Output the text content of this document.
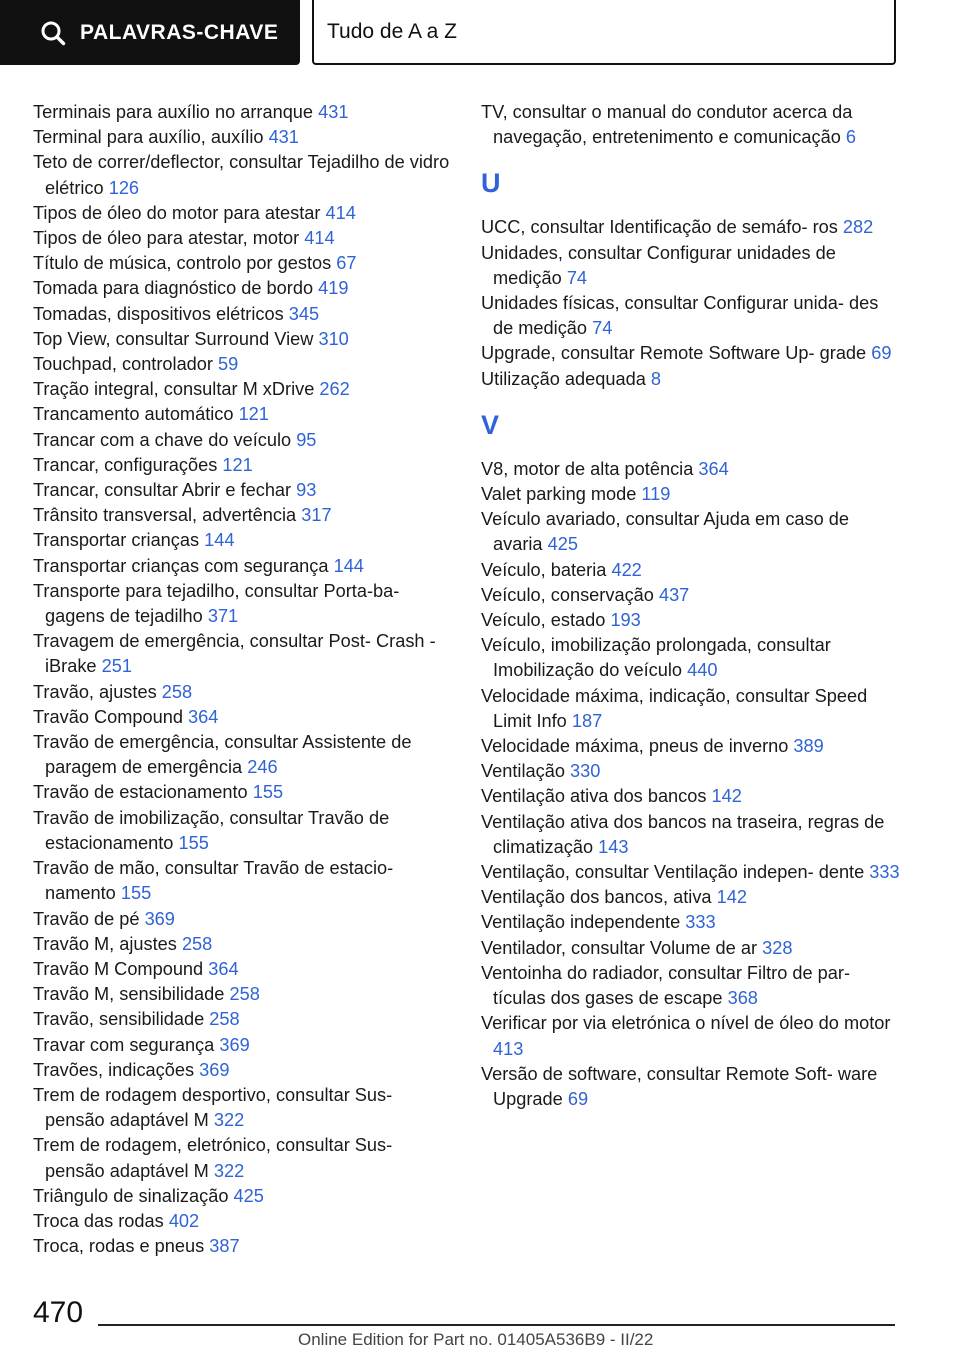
PALAVRAS-CHAVE Tudo de A a Z
Terminais para auxílio no arranque 431
Terminal para auxílio, auxílio 431
Teto de correr/deflector, consultar Tejadilho de vidro elétrico 126
Tipos de óleo do motor para atestar 414
Tipos de óleo para atestar, motor 414
Título de música, controlo por gestos 67
Tomada para diagnóstico de bordo 419
Tomadas, dispositivos elétricos 345
Top View, consultar Surround View 310
Touchpad, controlador 59
Tração integral, consultar M xDrive 262
Trancamento automático 121
Trancar com a chave do veículo 95
Trancar, configurações 121
Trancar, consultar Abrir e fechar 93
Trânsito transversal, advertência 317
Transportar crianças 144
Transportar crianças com segurança 144
Transporte para tejadilho, consultar Porta-ba- gagens de tejadilho 371
Travagem de emergência, consultar Post- Crash - iBrake 251
Travão, ajustes 258
Travão Compound 364
Travão de emergência, consultar Assistente de paragem de emergência 246
Travão de estacionamento 155
Travão de imobilização, consultar Travão de estacionamento 155
Travão de mão, consultar Travão de estacio- namento 155
Travão de pé 369
Travão M, ajustes 258
Travão M Compound 364
Travão M, sensibilidade 258
Travão, sensibilidade 258
Travar com segurança 369
Travões, indicações 369
Trem de rodagem desportivo, consultar Sus- pensão adaptável M 322
Trem de rodagem, eletrónico, consultar Sus- pensão adaptável M 322
Triângulo de sinalização 425
Troca das rodas 402
Troca, rodas e pneus 387
TV, consultar o manual do condutor acerca da navegação, entretenimento e comunicação 6
U
UCC, consultar Identificação de semáfo- ros 282
Unidades, consultar Configurar unidades de medição 74
Unidades físicas, consultar Configurar unida- des de medição 74
Upgrade, consultar Remote Software Up- grade 69
Utilização adequada 8
V
V8, motor de alta potência 364
Valet parking mode 119
Veículo avariado, consultar Ajuda em caso de avaria 425
Veículo, bateria 422
Veículo, conservação 437
Veículo, estado 193
Veículo, imobilização prolongada, consultar Imobilização do veículo 440
Velocidade máxima, indicação, consultar Speed Limit Info 187
Velocidade máxima, pneus de inverno 389
Ventilação 330
Ventilação ativa dos bancos 142
Ventilação ativa dos bancos na traseira, regras de climatização 143
Ventilação, consultar Ventilação indepen- dente 333
Ventilação dos bancos, ativa 142
Ventilação independente 333
Ventilador, consultar Volume de ar 328
Ventoinha do radiador, consultar Filtro de par- tículas dos gases de escape 368
Verificar por via eletrónica o nível de óleo do motor 413
Versão de software, consultar Remote Soft- ware Upgrade 69
470
Online Edition for Part no. 01405A536B9 - II/22
